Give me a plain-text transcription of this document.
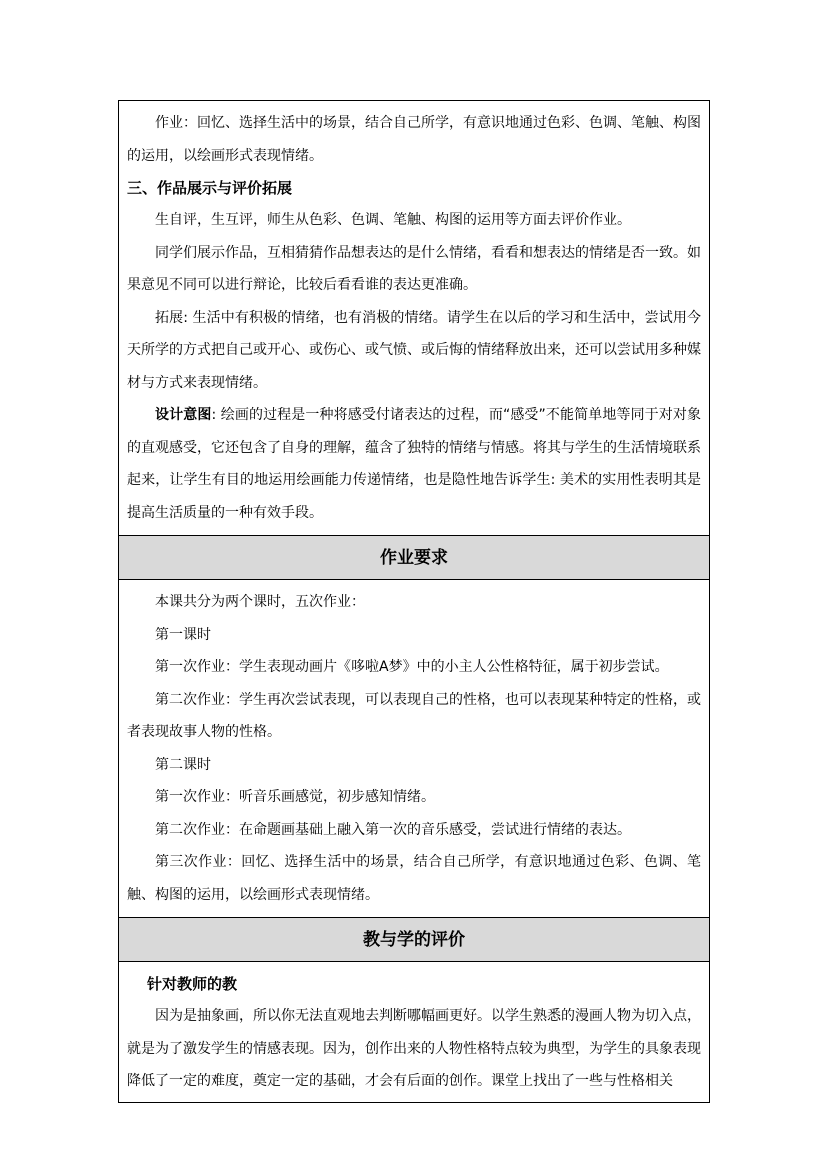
作业：回忆、选择生活中的场景，结合自己所学，有意识地通过色彩、色调、笔触、构图的运用，以绘画形式表现情绪。

三、作品展示与评价拓展

生自评，生互评，师生从色彩、色调、笔触、构图的运用等方面去评价作业。

同学们展示作品，互相猜猜作品想表达的是什么情绪，看看和想表达的情绪是否一致。如果意见不同可以进行辩论，比较后看看谁的表达更准确。

拓展: 生活中有积极的情绪，也有消极的情绪。请学生在以后的学习和生活中，尝试用今天所学的方式把自己或开心、或伤心、或气愤、或后悔的情绪释放出来，还可以尝试用多种媒材与方式来表现情绪。

设计意图: 绘画的过程是一种将感受付诸表达的过程，而“感受”不能简单地等同于对对象的直观感受，它还包含了自身的理解，蕴含了独特的情绪与情感。将其与学生的生活情境联系起来，让学生有目的地运用绘画能力传递情绪，也是隐性地告诉学生: 美术的实用性表明其是提高生活质量的一种有效手段。

作业要求

本课共分为两个课时，五次作业：

第一课时

第一次作业：学生表现动画片《哆啦A梦》中的小主人公性格特征，属于初步尝试。

第二次作业：学生再次尝试表现，可以表现自己的性格，也可以表现某种特定的性格，或者表现故事人物的性格。

第二课时

第一次作业：听音乐画感觉，初步感知情绪。

第二次作业：在命题画基础上融入第一次的音乐感受，尝试进行情绪的表达。

第三次作业：回忆、选择生活中的场景，结合自己所学，有意识地通过色彩、色调、笔触、构图的运用，以绘画形式表现情绪。

教与学的评价

针对教师的教

因为是抽象画，所以你无法直观地去判断哪幅画更好。以学生熟悉的漫画人物为切入点，就是为了激发学生的情感表现。因为，创作出来的人物性格特点较为典型，为学生的具象表现降低了一定的难度，奠定一定的基础，才会有后面的创作。课堂上找出了一些与性格相关
